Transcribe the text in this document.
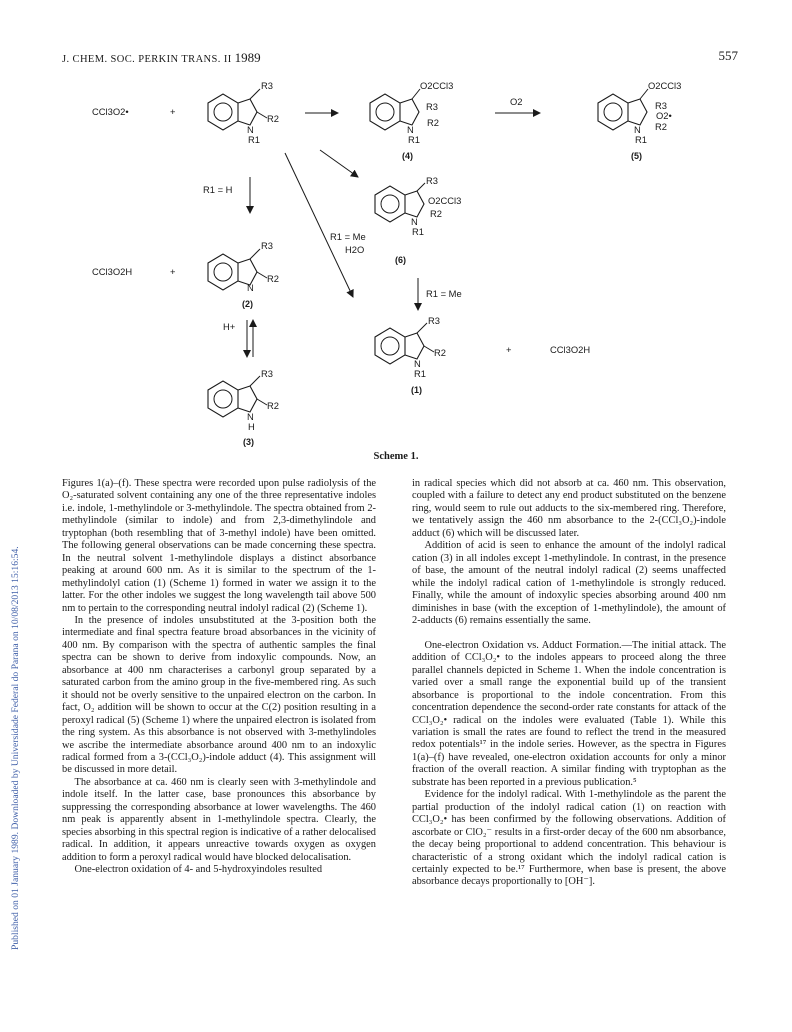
J. CHEM. SOC. PERKIN TRANS. II 1989	557
Published on 01 January 1989. Downloaded by Universidade Federal do Parana on 10/08/2013 15:16:54.
CCl3O2•	+
R3
R2
N
R1
O2CCl3
R3
R2
N
R1
(4)
O2
O2CCl3
R3
O2•
R2
N
R1
(5)
R3
O2CCl3
R2
N
R1
(6)
R1 = H
R1 = Me
H2O
CCl3O2H	+
R3
R2
N
(2)
R1 = Me
H+
R3
R2
N
R1
(1)
+	CCl3O2H
R3
R2
N
H
(3)
Scheme 1.

Figures 1(a)–(f). These spectra were recorded upon pulse radiolysis of the O₂-saturated solvent containing any one of the three representative indoles i.e. indole, 1-methylindole or 3-methylindole. The spectra obtained from 2-methylindole (similar to indole) and from 2,3-dimethylindole and tryptophan (both resembling that of 3-methyl indole) have been omitted. The following general observations can be made concerning these spectra. In the neutral solvent 1-methylindole displays a distinct absorbance peaking at around 600 nm. As it is similar to the spectrum of the 1-methylindolyl cation (1) (Scheme 1) formed in water we assign it to the latter. For the other indoles we suggest the long wavelength tail above 500 nm to pertain to the corresponding neutral indolyl radical (2) (Scheme 1).

In the presence of indoles unsubstituted at the 3-position both the intermediate and final spectra feature broad absorbances in the vicinity of 400 nm. By comparison with the spectra of authentic samples the final spectra can be shown to derive from indoxylic compounds. Now, an absorbance at 400 nm characterises a carbonyl group separated by a saturated carbon from the amino group in the five-membered ring. As such it should not be overly sensitive to the unpaired electron on the carbon. In fact, O₂ addition will be shown to occur at the C(2) position resulting in a peroxyl radical (5) (Scheme 1) where the unpaired electron is isolated from the ring system. As this absorbance is not observed with 3-methylindoles we ascribe the intermediate absorbance around 400 nm to an indoxylic radical formed from a 3-(CCl₃O₂)-indole adduct (4). This assignment will be discussed in more detail.

The absorbance at ca. 460 nm is clearly seen with 3-methylindole and indole itself. In the latter case, base pronounces this absorbance by suppressing the corresponding absorbance at lower wavelengths. The 460 nm peak is apparently absent in 1-methylindole spectra. Clearly, the species absorbing in this spectral region is indicative of a rather delocalised radical. In addition, it appears unreactive towards oxygen as oxygen addition to form a peroxyl radical would have blocked delocalisation.

One-electron oxidation of 4- and 5-hydroxyindoles resulted

in radical species which did not absorb at ca. 460 nm. This observation, coupled with a failure to detect any end product substituted on the benzene ring, would seem to rule out adducts to the six-membered ring. Therefore, we tentatively assign the 460 nm absorbance to the 2-(CCl₃O₂)-indole adduct (6) which will be discussed later.

Addition of acid is seen to enhance the amount of the indolyl radical cation (3) in all indoles except 1-methylindole. In contrast, in the presence of base, the amount of the neutral indolyl radical (2) seems unaffected while the indolyl radical cation of 1-methylindole is strongly reduced. Finally, while the amount of indoxylic species absorbing around 400 nm diminishes in base (with the exception of 1-methylindole), the amount of 2-adducts (6) remains essentially the same.

One-electron Oxidation vs. Adduct Formation.—The initial attack. The addition of CCl₃O₂• to the indoles appears to proceed along the three parallel channels depicted in Scheme 1. When the indole concentration is varied over a small range the exponential build up of the transient absorbance is proportional to the indole concentration. From this concentration dependence the second-order rate constants for attack of the CCl₃O₂• radical on the indoles were evaluated (Table 1). While this variation is small the rates are found to reflect the trend in the measured redox potentials¹⁷ in the indole series. However, as the spectra in Figures 1(a)–(f) have revealed, one-electron oxidation accounts for only a minor fraction of the overall reaction. A similar finding with tryptophan as the substrate has been reported in a previous publication.⁵

Evidence for the indolyl radical. With 1-methylindole as the parent the partial production of the indolyl radical cation (1) on reaction with CCl₃O₂• has been confirmed by the following observations. Addition of ascorbate or ClO₂⁻ results in a first-order decay of the 600 nm absorbance, the decay being proportional to addend concentration. This behaviour is characteristic of a strong oxidant which the indolyl radical cation is certainly expected to be.¹⁷ Furthermore, when base is present, the above absorbance decays proportionally to [OH⁻].
